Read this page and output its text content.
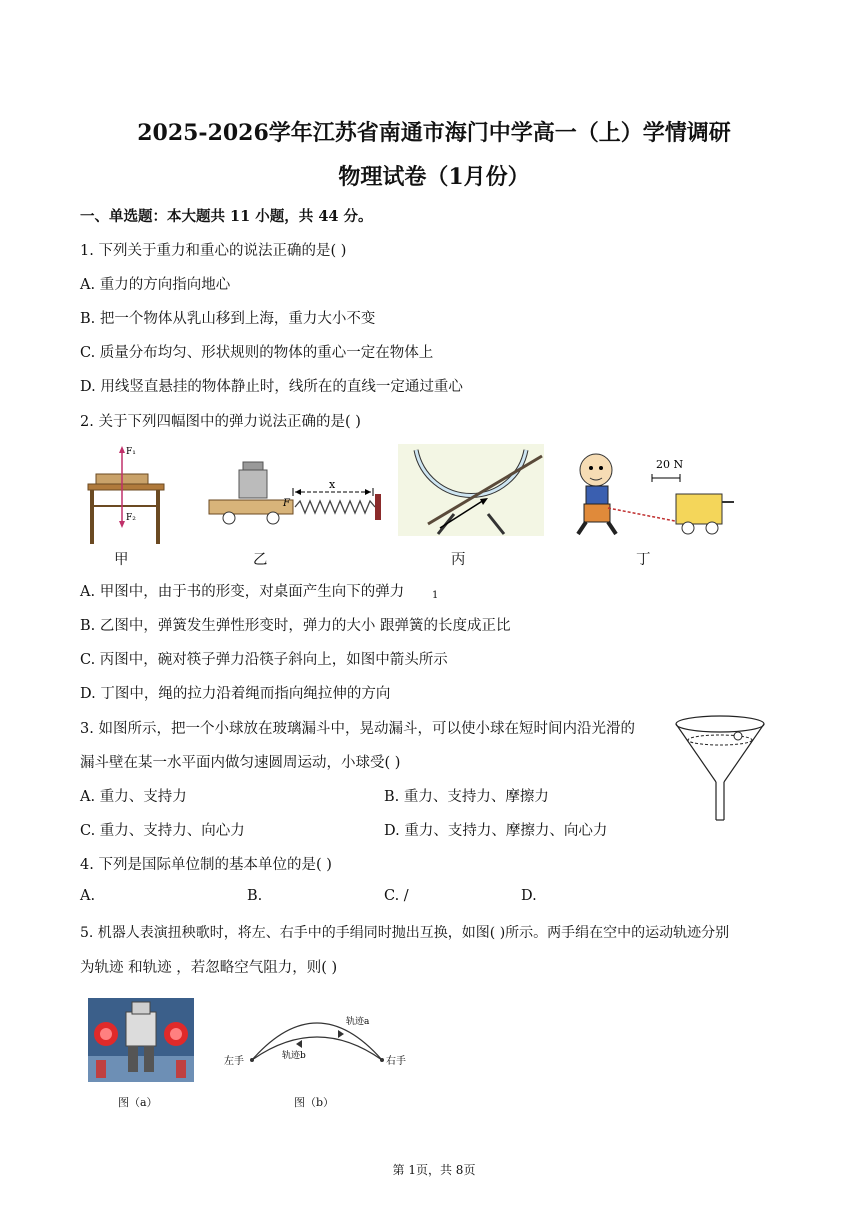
2025-2026学年江苏省南通市海门中学高一（上）学情调研
物理试卷（1月份）
一、单选题：本大题共 11 小题，共 44 分。
1. 下列关于重力和重心的说法正确的是( )
A. 重力的方向指向地心
B. 把一个物体从乳山移到上海，重力大小不变
C. 质量分布均匀、形状规则的物体的重心一定在物体上
D. 用线竖直悬挂的物体静止时，线所在的直线一定通过重心
2. 关于下列四幅图中的弹力说法正确的是( )
F₁
F₂
甲
F
x
乙	丙
20 N
丁
A. 甲图中，由于书的形变，对桌面产生向下的弹力	1
B. 乙图中，弹簧发生弹性形变时，弹力的大小 跟弹簧的长度成正比
C. 丙图中，碗对筷子弹力沿筷子斜向上，如图中箭头所示
D. 丁图中，绳的拉力沿着绳而指向绳拉伸的方向
3. 如图所示，把一个小球放在玻璃漏斗中，晃动漏斗，可以使小球在短时间内沿光滑的
漏斗壁在某一水平面内做匀速圆周运动，小球受( )
A. 重力、支持力	B. 重力、支持力、摩擦力
C. 重力、支持力、向心力	D. 重力、支持力、摩擦力、向心力
4. 下列是国际单位制的基本单位的是( )
A.	B.	C. /	D.
5. 机器人表演扭秧歌时，将左、右手中的手绢同时抛出互换，如图( )所示。两手绢在空中的运动轨迹分别
为轨迹 和轨迹 ，若忽略空气阻力，则( )
图（a）
左手	右手
轨迹a
轨迹b
图（b）
第 1页，共 8页
